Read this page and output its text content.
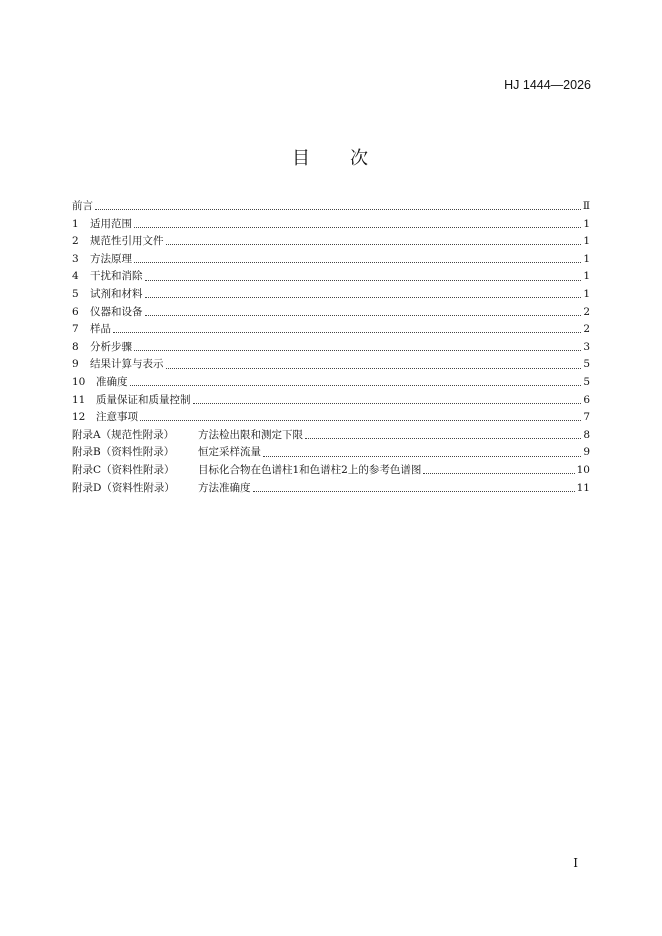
HJ 1444—2026
目 次
前言	Ⅱ
1	适用范围	1
2	规范性引用文件	1
3	方法原理	1
4	干扰和消除	1
5	试剂和材料	1
6	仪器和设备	2
7	样品	2
8	分析步骤	3
9	结果计算与表示	5
10	准确度	5
11	质量保证和质量控制	6
12	注意事项	7
附录A（规范性附录）	方法检出限和测定下限	8
附录B（资料性附录）	恒定采样流量	9
附录C（资料性附录）	目标化合物在色谱柱1和色谱柱2上的参考色谱图	10
附录D（资料性附录）	方法准确度	11
I
